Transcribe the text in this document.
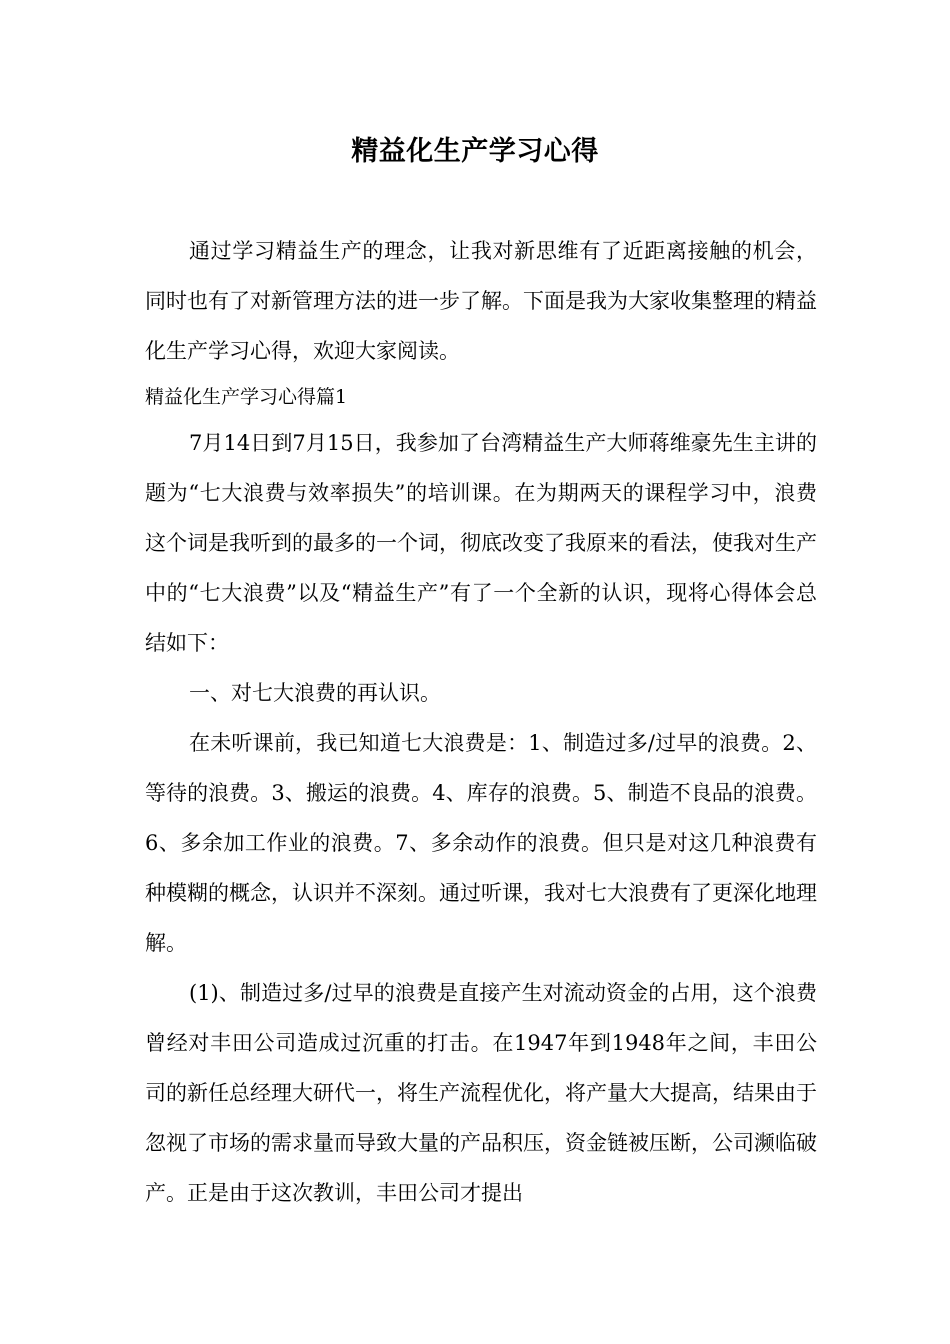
精益化生产学习心得

通过学习精益生产的理念，让我对新思维有了近距离接触的机会，同时也有了对新管理方法的进一步了解。下面是我为大家收集整理的精益化生产学习心得，欢迎大家阅读。

精益化生产学习心得篇1

7月14日到7月15日，我参加了台湾精益生产大师蒋维豪先生主讲的题为“七大浪费与效率损失”的培训课。在为期两天的课程学习中，浪费这个词是我听到的最多的一个词，彻底改变了我原来的看法，使我对生产中的“七大浪费”以及“精益生产”有了一个全新的认识，现将心得体会总结如下：

一、对七大浪费的再认识。

在未听课前，我已知道七大浪费是：1、制造过多/过早的浪费。2、等待的浪费。3、搬运的浪费。4、库存的浪费。5、制造不良品的浪费。6、多余加工作业的浪费。7、多余动作的浪费。但只是对这几种浪费有种模糊的概念，认识并不深刻。通过听课，我对七大浪费有了更深化地理解。

(1)、制造过多/过早的浪费是直接产生对流动资金的占用，这个浪费曾经对丰田公司造成过沉重的打击。在1947年到1948年之间，丰田公司的新任总经理大研代一，将生产流程优化，将产量大大提高，结果由于忽视了市场的需求量而导致大量的产品积压，资金链被压断，公司濒临破产。正是由于这次教训，丰田公司才提出
